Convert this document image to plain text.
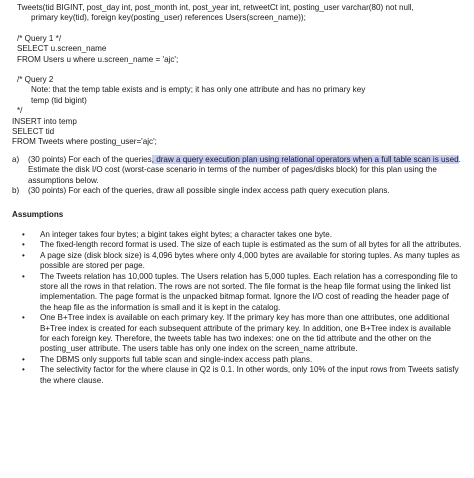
Tweets(tid BIGINT, post_day int, post_month int, post_year int, retweetCt int, posting_user varchar(80) not null,
primary key(tid), foreign key(posting_user) references Users(screen_name));
/* Query 1 */
SELECT u.screen_name
FROM Users u where u.screen_name = 'ajc';
/* Query 2
Note: that the temp table exists and is empty; it has only one attribute and has no primary key
temp (tid bigint)
*/
INSERT into temp
SELECT tid
FROM Tweets where posting_user='ajc';
a)	(30 points) For each of the queries, draw a query execution plan using relational operators when a full table scan is used. Estimate the disk I/O cost (worst-case scenario in terms of the number of pages/disks block) for this plan using the assumptions below.
b)	(30 points) For each of the queries, draw all possible single index access path query execution plans.
Assumptions
•	An integer takes four bytes; a bigint takes eight bytes; a character takes one byte.
•	The fixed-length record format is used. The size of each tuple is estimated as the sum of all bytes for all the attributes.
•	A page size (disk block size) is 4,096 bytes where only 4,000 bytes are available for storing tuples. As many tuples as possible are stored per page.
•	The Tweets relation has 10,000 tuples. The Users relation has 5,000 tuples. Each relation has a corresponding file to store all the rows in that relation. The rows are not sorted. The file format is the heap file format using the linked list implementation. The page format is the unpacked bitmap format. Ignore the I/O cost of reading the header page of the heap file as the information is small and it is kept in the catalog.
•	One B+Tree index is available on each primary key. If the primary key has more than one attributes, one additional B+Tree index is created for each subsequent attribute of the primary key. In addition, one B+Tree index is available for each foreign key. Therefore, the tweets table has two indexes: one on the tid attribute and the other on the posting_user attribute. The users table has only one index on the screen_name attribute.
•	The DBMS only supports full table scan and single-index access path plans.
•	The selectivity factor for the where clause in Q2 is 0.1. In other words, only 10% of the input rows from Tweets satisfy the where clause.
